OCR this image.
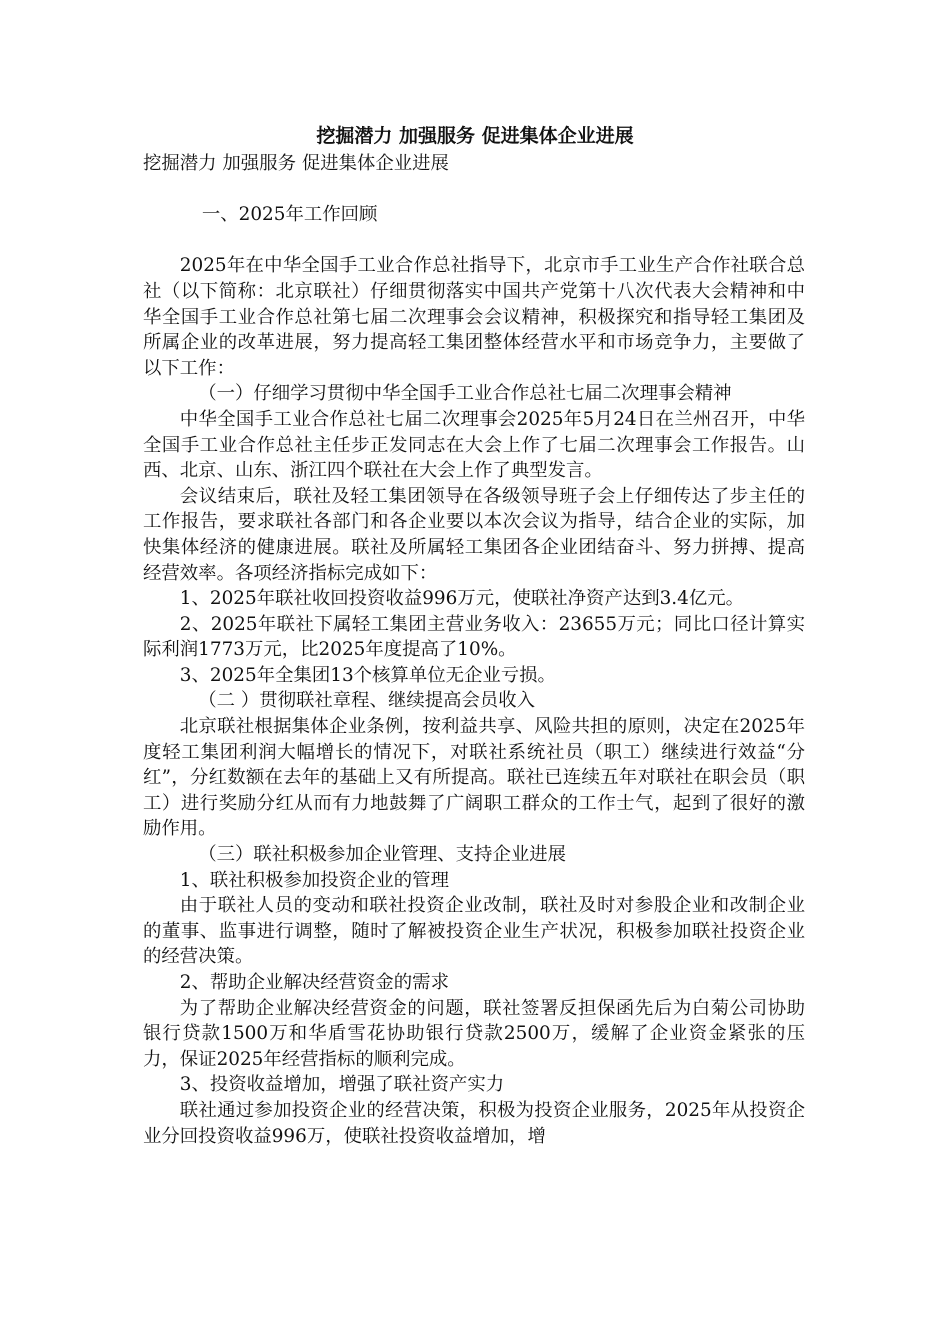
挖掘潜力 加强服务 促进集体企业进展

挖掘潜力 加强服务 促进集体企业进展

一、2025年工作回顾

2025年在中华全国手工业合作总社指导下，北京市手工业生产合作社联合总社（以下简称：北京联社）仔细贯彻落实中国共产党第十八次代表大会精神和中华全国手工业合作总社第七届二次理事会会议精神，积极探究和指导轻工集团及所属企业的改革进展，努力提高轻工集团整体经营水平和市场竞争力，主要做了以下工作：

（一）仔细学习贯彻中华全国手工业合作总社七届二次理事会精神

中华全国手工业合作总社七届二次理事会2025年5月24日在兰州召开，中华全国手工业合作总社主任步正发同志在大会上作了七届二次理事会工作报告。山西、北京、山东、浙江四个联社在大会上作了典型发言。

会议结束后，联社及轻工集团领导在各级领导班子会上仔细传达了步主任的工作报告，要求联社各部门和各企业要以本次会议为指导，结合企业的实际，加快集体经济的健康进展。联社及所属轻工集团各企业团结奋斗、努力拼搏、提高经营效率。各项经济指标完成如下：

1、2025年联社收回投资收益996万元，使联社净资产达到3.4亿元。

2、2025年联社下属轻工集团主营业务收入：23655万元；同比口径计算实际利润1773万元，比2025年度提高了10%。

3、2025年全集团13个核算单位无企业亏损。

（二 ）贯彻联社章程、继续提高会员收入

北京联社根据集体企业条例，按利益共享、风险共担的原则，决定在2025年度轻工集团利润大幅增长的情况下，对联社系统社员（职工）继续进行效益“分红”，分红数额在去年的基础上又有所提高。联社已连续五年对联社在职会员（职工）进行奖励分红从而有力地鼓舞了广阔职工群众的工作士气，起到了很好的激励作用。

（三）联社积极参加企业管理、支持企业进展

1、联社积极参加投资企业的管理

由于联社人员的变动和联社投资企业改制，联社及时对参股企业和改制企业的董事、监事进行调整，随时了解被投资企业生产状况，积极参加联社投资企业的经营决策。

2、帮助企业解决经营资金的需求

为了帮助企业解决经营资金的问题，联社签署反担保函先后为白菊公司协助银行贷款1500万和华盾雪花协助银行贷款2500万，缓解了企业资金紧张的压力，保证2025年经营指标的顺利完成。

3、投资收益增加，增强了联社资产实力

联社通过参加投资企业的经营决策，积极为投资企业服务，2025年从投资企业分回投资收益996万，使联社投资收益增加，增
